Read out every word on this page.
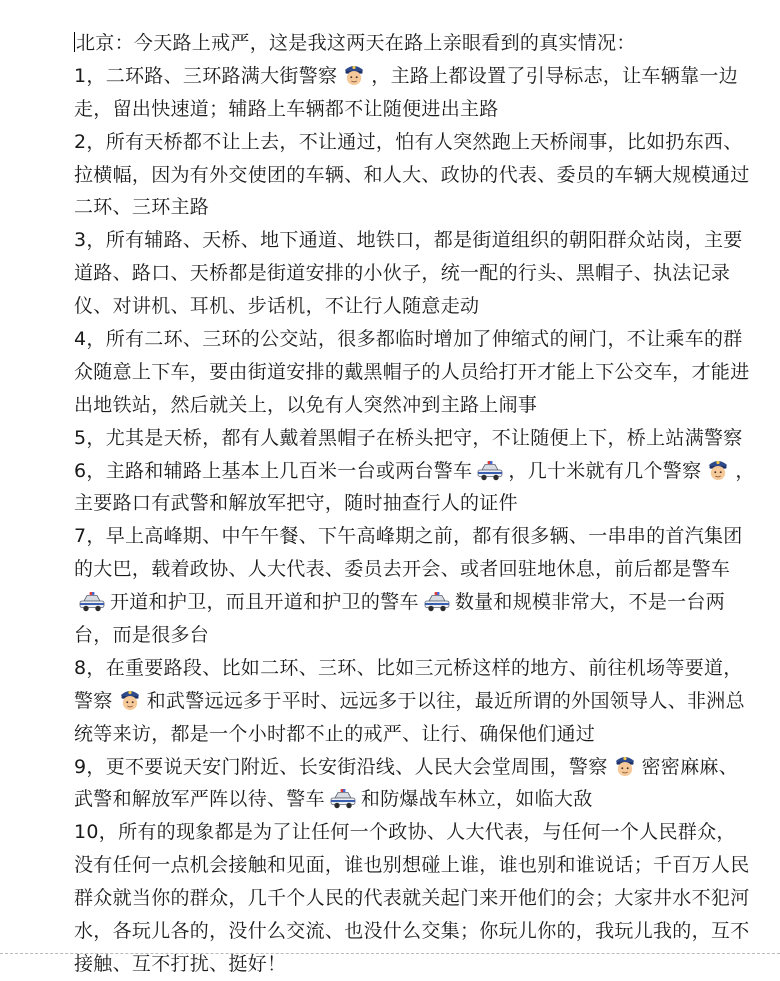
北京：今天路上戒严，这是我这两天在路上亲眼看到的真实情况：
1，二环路、三环路满大街警察 ，主路上都设置了引导标志，让车辆靠一边
走，留出快速道；辅路上车辆都不让随便进出主路
2，所有天桥都不让上去，不让通过，怕有人突然跑上天桥闹事，比如扔东西、
拉横幅，因为有外交使团的车辆、和人大、政协的代表、委员的车辆大规模通过
二环、三环主路
3，所有辅路、天桥、地下通道、地铁口，都是街道组织的朝阳群众站岗，主要
道路、路口、天桥都是街道安排的小伙子，统一配的行头、黑帽子、执法记录
仪、对讲机、耳机、步话机，不让行人随意走动
4，所有二环、三环的公交站，很多都临时增加了伸缩式的闸门，不让乘车的群
众随意上下车，要由街道安排的戴黑帽子的人员给打开才能上下公交车，才能进
出地铁站，然后就关上，以免有人突然冲到主路上闹事
5，尤其是天桥，都有人戴着黑帽子在桥头把守，不让随便上下，桥上站满警察
6，主路和辅路上基本上几百米一台或两台警车 ，几十米就有几个警察 ，
主要路口有武警和解放军把守，随时抽查行人的证件
7，早上高峰期、中午午餐、下午高峰期之前，都有很多辆、一串串的首汽集团
的大巴，载着政协、人大代表、委员去开会、或者回驻地休息，前后都是警车
开道和护卫，而且开道和护卫的警车 数量和规模非常大，不是一台两
台，而是很多台
8，在重要路段、比如二环、三环、比如三元桥这样的地方、前往机场等要道，
警察 和武警远远多于平时、远远多于以往，最近所谓的外国领导人、非洲总
统等来访，都是一个小时都不止的戒严、让行、确保他们通过
9，更不要说天安门附近、长安街沿线、人民大会堂周围，警察 密密麻麻、
武警和解放军严阵以待、警车 和防爆战车林立，如临大敌
10，所有的现象都是为了让任何一个政协、人大代表，与任何一个人民群众，
没有任何一点机会接触和见面，谁也别想碰上谁，谁也别和谁说话；千百万人民
群众就当你的群众，几千个人民的代表就关起门来开他们的会；大家井水不犯河
水，各玩儿各的，没什么交流、也没什么交集；你玩儿你的，我玩儿我的，互不
接触、互不打扰、挺好！
